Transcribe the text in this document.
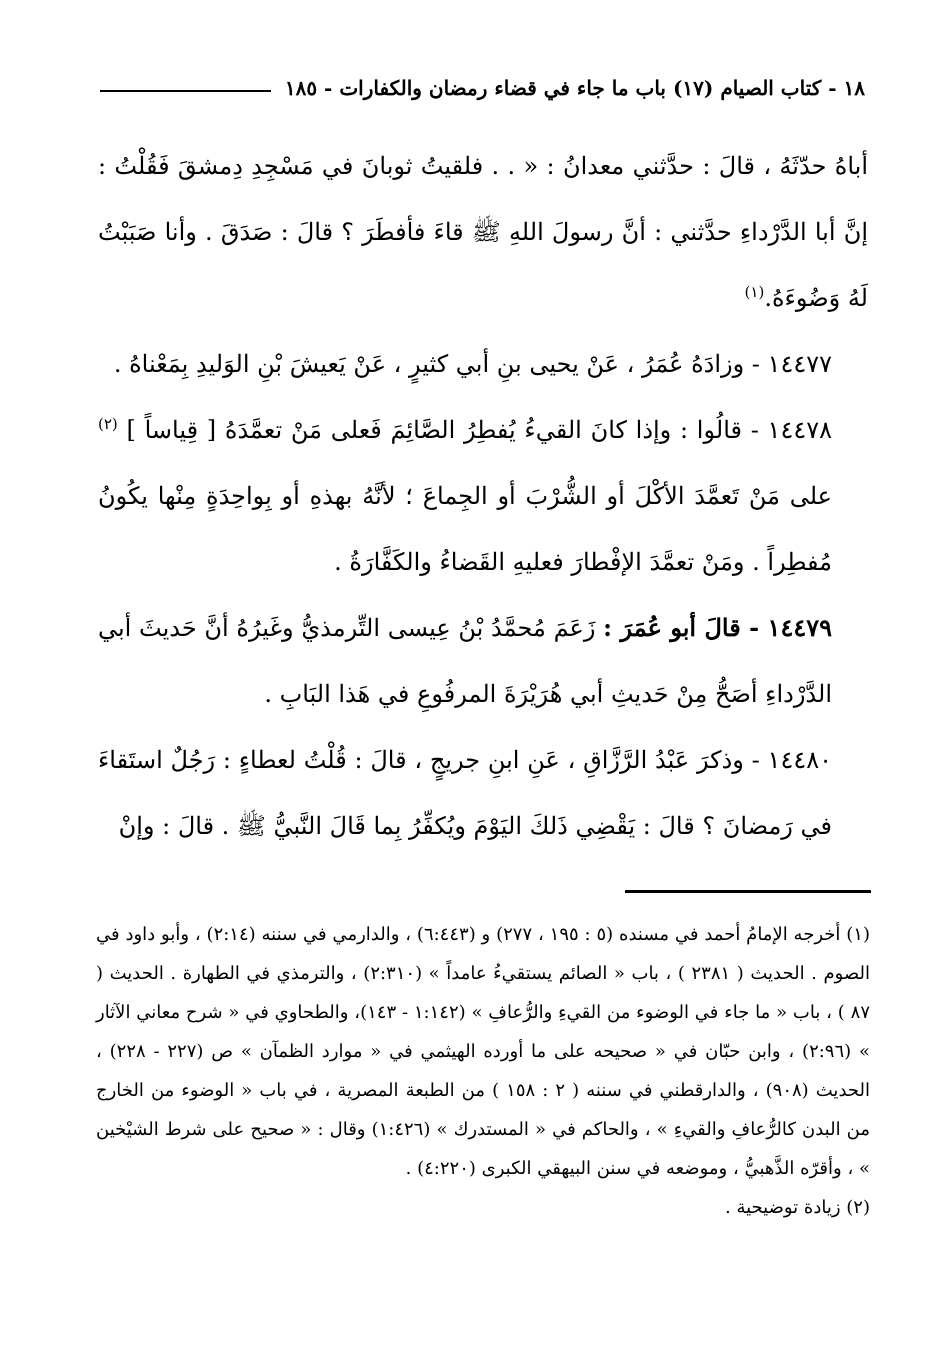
١٨ - كتاب الصيام (١٧) باب ما جاء في قضاء رمضان والكفارات - ١٨٥

أباهُ حدّثَهُ ، قالَ : حدَّثني معدانُ : « . . فلقيتُ ثوبانَ في مَسْجِدِ دِمشقَ فَقُلْتُ : إنَّ أبا الدَّرْداءِ حدَّثني : أنَّ رسولَ اللهِ ﷺ قاءَ فأفطَرَ ؟ قالَ : صَدَقَ . وأنا صَبَبْتُ لَهُ وَضُوءَهُ.$^{(١)}$

١٤٤٧٧ - وزادَهُ عُمَرُ ، عَنْ يحيى بنِ أبي كثيرٍ ، عَنْ يَعيشَ بْنِ الوَليدِ بِمَعْناهُ .

١٤٤٧٨ - قالُوا : وإذا كانَ القيءُ يُفطِرُ الصَّائِمَ فَعلى مَنْ تعمَّدَهُ [ قِياساً ] $^{(٢)}$ على مَنْ تَعمَّدَ الأكْلَ أو الشُّرْبَ أو الجِماعَ ؛ لأنَّهُ بهذهِ أو بِواحِدَةٍ مِنْها يكُونُ مُفطِراً . ومَنْ تعمَّدَ الإفْطارَ فعليهِ القَضاءُ والكَفَّارَةُ .

١٤٤٧٩ - قالَ أبو عُمَرَ : زَعَمَ مُحمَّدُ بْنُ عِيسى التِّرمذيُّ وغَيرُهُ أنَّ حَديثَ أبي الدَّرْداءِ أصَحُّ مِنْ حَديثِ أبي هُرَيْرَةَ المرفُوعِ في هَذا البَابِ .

١٤٤٨٠ - وذكرَ عَبْدُ الرَّزَّاقِ ، عَنِ ابنِ جريجٍ ، قالَ : قُلْتُ لعطاءٍ : رَجُلٌ استَقاءَ في رَمضانَ ؟ قالَ : يَقْضِي ذَلكَ اليَوْمَ ويُكفِّرُ بِما قَالَ النَّبيُّ ﷺ . قالَ : وإنْ

(١) أخرجه الإمامُ أحمد في مسنده (٥ : ١٩٥ ، ٢٧٧) و (٦:٤٤٣) ، والدارمي في سننه (٢:١٤) ، وأبو داود في الصوم . الحديث ( ٢٣٨١ ) ، باب « الصائم يستقيءُ عامداً » (٢:٣١٠) ، والترمذي في الطهارة . الحديث ( ٨٧ ) ، باب « ما جاء في الوضوء من القيءِ والرُّعافِ » (١:١٤٢ - ١٤٣)، والطحاوي في « شرح معاني الآثار » (٢:٩٦) ، وابن حبّان في « صحيحه على ما أورده الهيثمي في « موارد الظمآن » ص (٢٢٧ - ٢٢٨) ، الحديث (٩٠٨) ، والدارقطني في سننه ( ٢ : ١٥٨ ) من الطبعة المصرية ، في باب « الوضوء من الخارج من البدن كالرُّعافِ والقيءِ » ، والحاكم في « المستدرك » (١:٤٢٦) وقال : « صحيح على شرط الشيْخين » ، وأقرّه الذَّهبيُّ ، وموضعه في سنن البيهقي الكبرى (٤:٢٢٠) .

(٢) زيادة توضيحية .
